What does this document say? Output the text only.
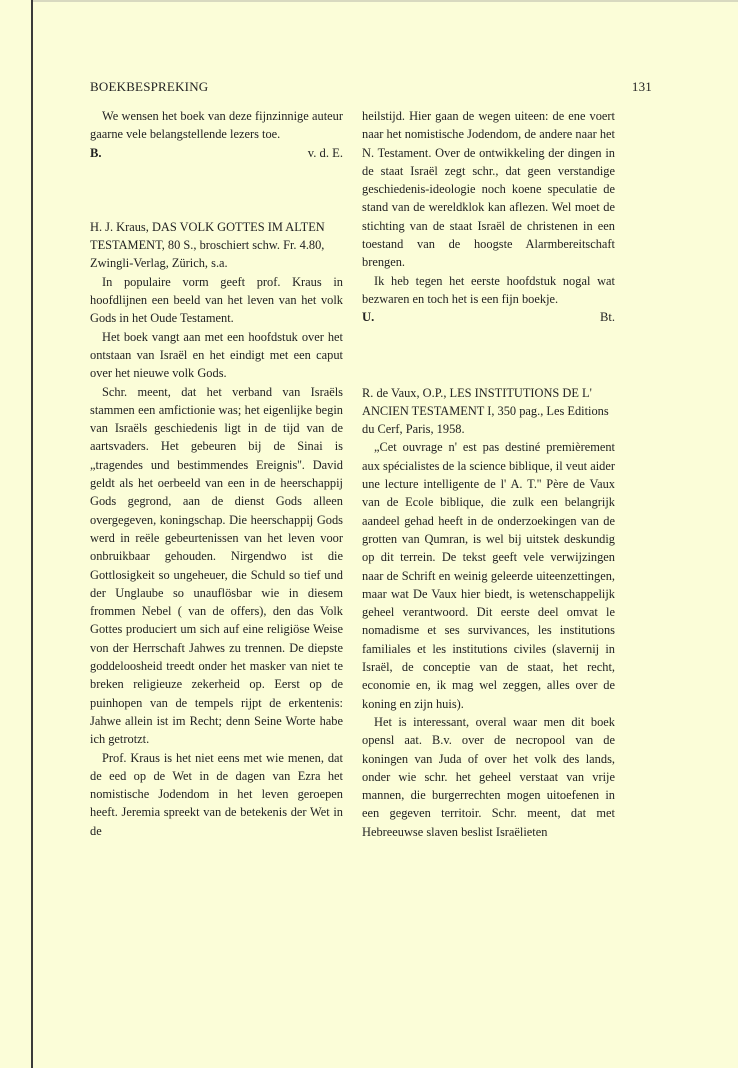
BOEKBESPREKING	131

We wensen het boek van deze fijnzinnige auteur gaarne vele belangstellende lezers toe.

B.	v. d. E.

H. J. Kraus, DAS VOLK GOTTES IM ALTEN TESTAMENT, 80 S., broschiert schw. Fr. 4.80, Zwingli-Verlag, Zürich, s.a.

In populaire vorm geeft prof. Kraus in hoofdlijnen een beeld van het leven van het volk Gods in het Oude Testament.

Het boek vangt aan met een hoofdstuk over het ontstaan van Israël en het eindigt met een caput over het nieuwe volk Gods.

Schr. meent, dat het verband van Israëls stammen een amfictionie was; het eigenlijke begin van Israëls geschiedenis ligt in de tijd van de aartsvaders. Het gebeuren bij de Sinai is „tragendes und bestimmendes Ereignis''. David geldt als het oerbeeld van een in de heerschappij Gods gegrond, aan de dienst Gods alleen overgegeven, koningschap. Die heerschappij Gods werd in reële gebeurtenissen van het leven voor onbruikbaar gehouden. Nirgendwo ist die Gottlosigkeit so ungeheuer, die Schuld so tief und der Unglaube so unauflösbar wie in diesem frommen Nebel ( van de offers), den das Volk Gottes produciert um sich auf eine religiöse Weise von der Herrschaft Jahwes zu trennen. De diepste goddeloosheid treedt onder het masker van niet te breken religieuze zekerheid op. Eerst op de puinhopen van de tempels rijpt de erkentenis: Jahwe allein ist im Recht; denn Seine Worte habe ich getrotzt.

Prof. Kraus is het niet eens met wie menen, dat de eed op de Wet in de dagen van Ezra het nomistische Jodendom in het leven geroepen heeft. Jeremia spreekt van de betekenis der Wet in de

heilstijd. Hier gaan de wegen uiteen: de ene voert naar het nomistische Jodendom, de andere naar het N. Testament. Over de ontwikkeling der dingen in de staat Israël zegt schr., dat geen verstandige geschiedenis-ideologie noch koene speculatie de stand van de wereldklok kan aflezen. Wel moet de stichting van de staat Israël de christenen in een toestand van de hoogste Alarmbereitschaft brengen.

Ik heb tegen het eerste hoofdstuk nogal wat bezwaren en toch het is een fijn boekje.

U.	Bt.

R. de Vaux, O.P., LES INSTITUTIONS DE L' ANCIEN TESTAMENT I, 350 pag., Les Editions du Cerf, Paris, 1958.

„Cet ouvrage n' est pas destiné premièrement aux spécialistes de la science biblique, il veut aider une lecture intelligente de l' A. T.'' Père de Vaux van de Ecole biblique, die zulk een belangrijk aandeel gehad heeft in de onderzoekingen van de grotten van Qumran, is wel bij uitstek deskundig op dit terrein. De tekst geeft vele verwijzingen naar de Schrift en weinig geleerde uiteenzettingen, maar wat De Vaux hier biedt, is wetenschappelijk geheel verantwoord. Dit eerste deel omvat le nomadisme et ses survivances, les institutions familiales et les institutions civiles (slavernij in Israël, de conceptie van de staat, het recht, economie en, ik mag wel zeggen, alles over de koning en zijn huis).

Het is interessant, overal waar men dit boek opensl aat. B.v. over de necropool van de koningen van Juda of over het volk des lands, onder wie schr. het geheel verstaat van vrije mannen, die burgerrechten mogen uitoefenen in een gegeven territoir. Schr. meent, dat met Hebreeuwse slaven beslist Israëlieten
